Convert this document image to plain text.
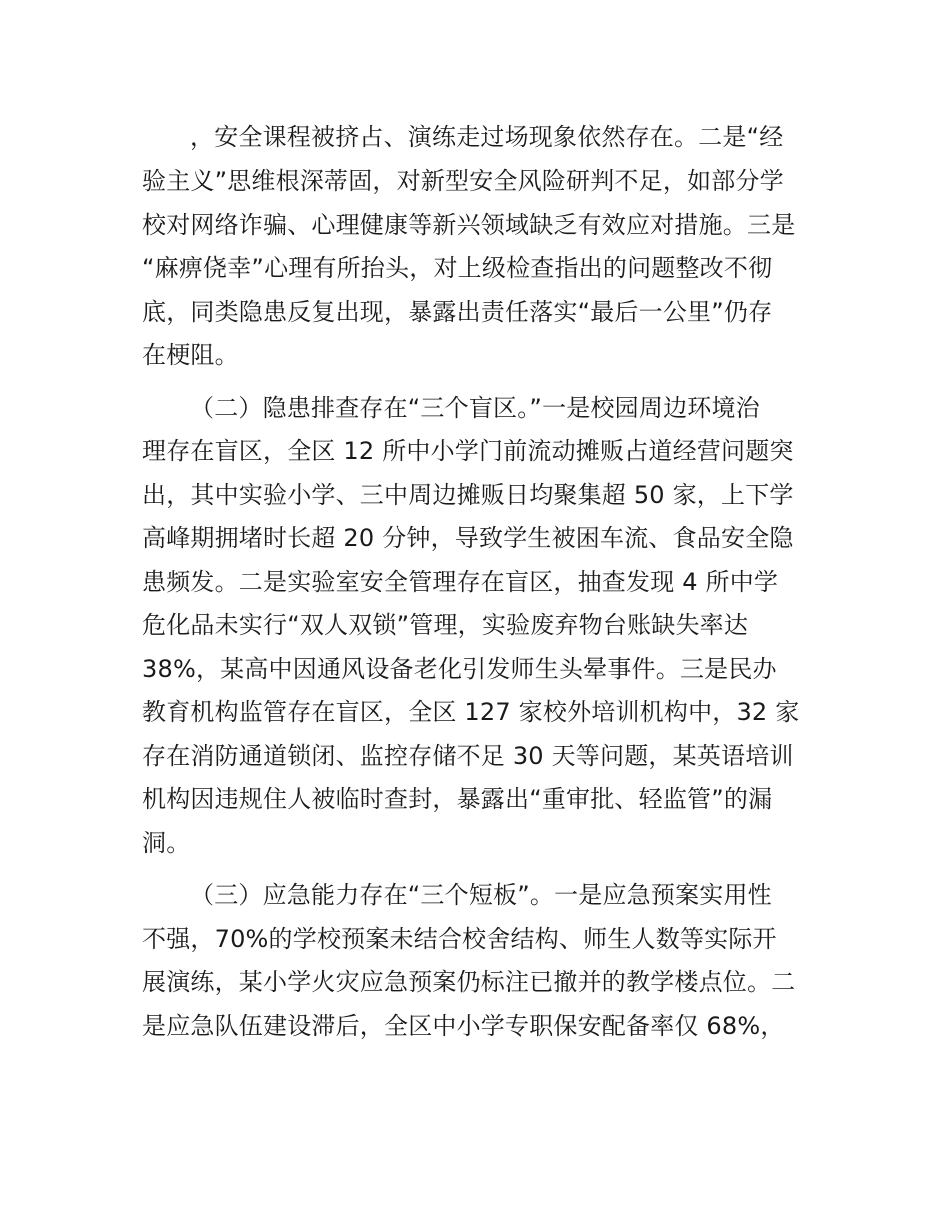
，安全课程被挤占、演练走过场现象依然存在。二是“经
验主义”思维根深蒂固，对新型安全风险研判不足，如部分学
校对网络诈骗、心理健康等新兴领域缺乏有效应对措施。三是
“麻痹侥幸”心理有所抬头，对上级检查指出的问题整改不彻
底，同类隐患反复出现，暴露出责任落实“最后一公里”仍存
在梗阻。
（二）隐患排查存在“三个盲区。”一是校园周边环境治
理存在盲区，全区 12 所中小学门前流动摊贩占道经营问题突
出，其中实验小学、三中周边摊贩日均聚集超 50 家，上下学
高峰期拥堵时长超 20 分钟，导致学生被困车流、食品安全隐
患频发。二是实验室安全管理存在盲区，抽查发现 4 所中学
危化品未实行“双人双锁”管理，实验废弃物台账缺失率达
38%，某高中因通风设备老化引发师生头晕事件。三是民办
教育机构监管存在盲区，全区 127 家校外培训机构中，32 家
存在消防通道锁闭、监控存储不足 30 天等问题，某英语培训
机构因违规住人被临时查封，暴露出“重审批、轻监管”的漏
洞。
（三）应急能力存在“三个短板”。一是应急预案实用性
不强，70%的学校预案未结合校舍结构、师生人数等实际开
展演练，某小学火灾应急预案仍标注已撤并的教学楼点位。二
是应急队伍建设滞后，全区中小学专职保安配备率仅 68%，
